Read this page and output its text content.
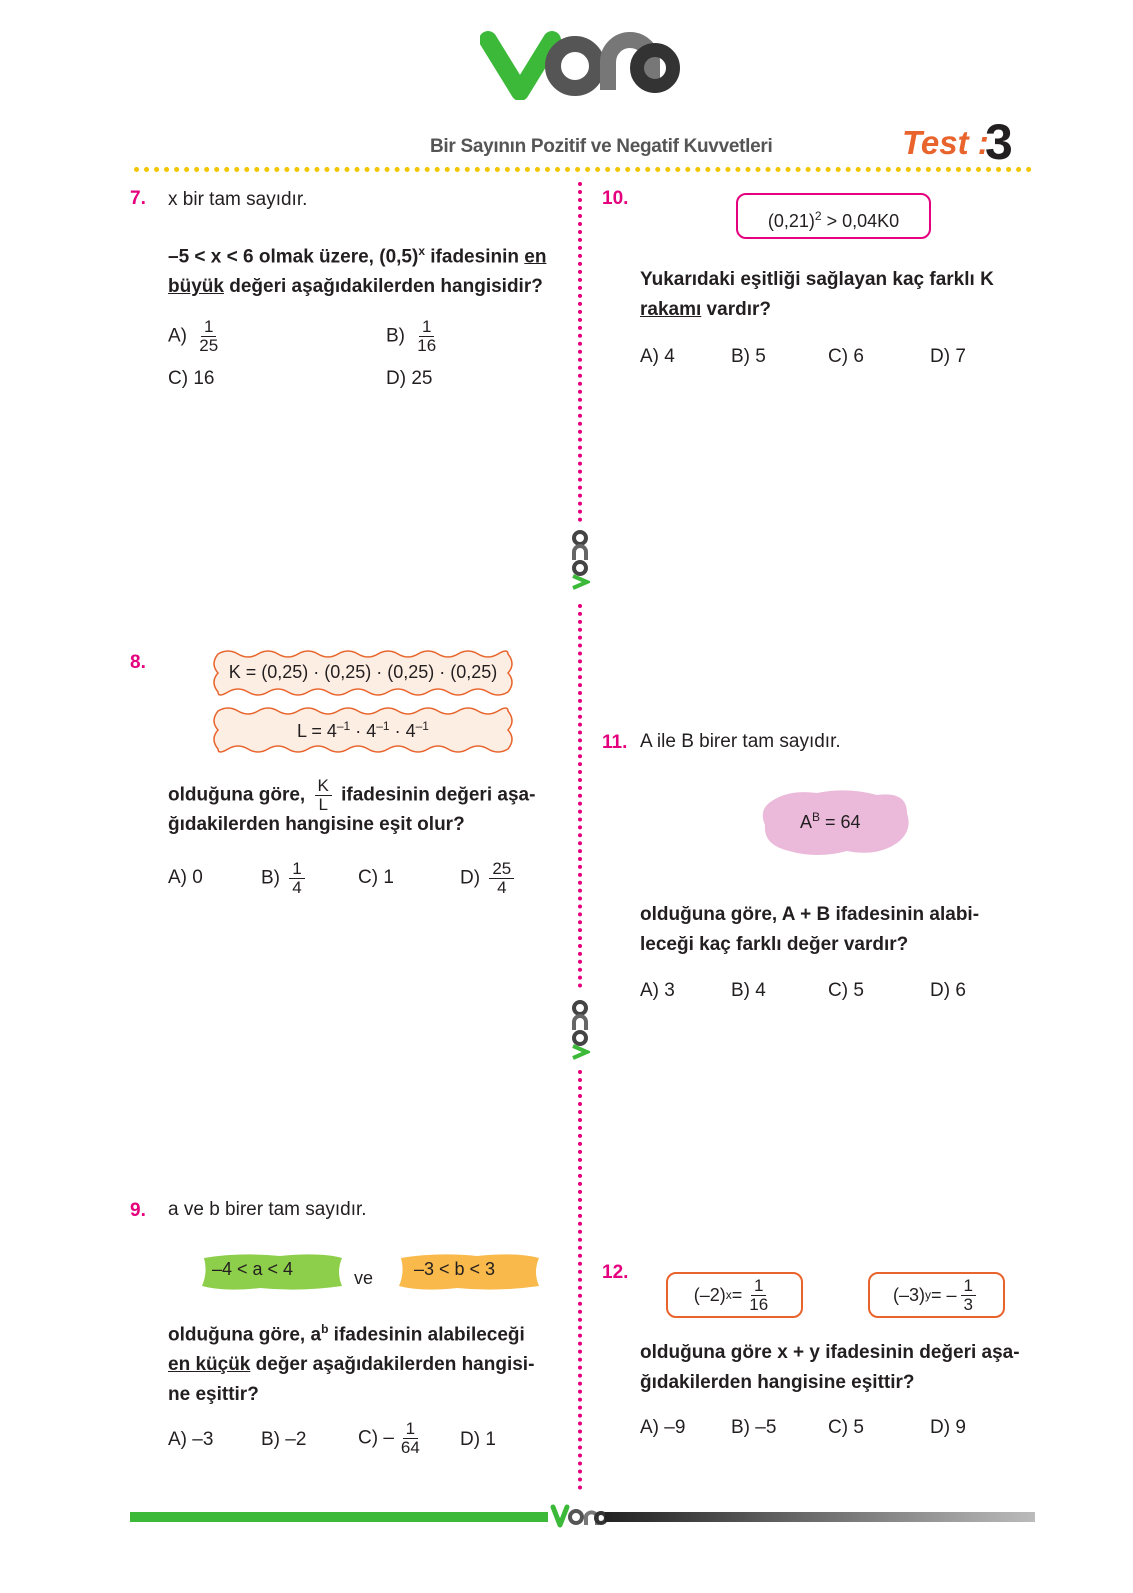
Bir Sayının Pozitif ve Negatif Kuvvetleri	Test :
3
7. x bir tam sayıdır.
–5 < x < 6 olmak üzere, $(0,5)^x$ ifadesinin en
büyük değeri aşağıdakilerden hangisidir?
$A) \frac{1}{25}$	$B) \frac{1}{16}$
C) 16	D) 25
10.
$(0,21)^2 > 0,04K0$
Yukarıdaki eşitliği sağlayan kaç farklı K
rakamı vardır?
A) 4	B) 5	C) 6	D) 7
8.	K = (0,25) · (0,25) · (0,25) · (0,25)
$L = 4^{-1} \cdot 4^{-1} \cdot 4^{-1}$
olduğuna göre, $\frac{K}{L}$ ifadesinin değeri aşa-
ğıdakilerden hangisine eşit olur?
A) 0	$B) \frac{1}{4}$	C) 1	$D) \frac{25}{4}$
11. A ile B birer tam sayıdır.
$A^B = 64$
olduğuna göre, A + B ifadesinin alabi-
leceği kaç farklı değer vardır?
A) 3	B) 4	C) 5	D) 6
9. a ve b birer tam sayıdır.
–4 < a < 4	ve –3 < b < 3
olduğuna göre, $a^b$ ifadesinin alabileceği
en küçük değer aşağıdakilerden hangisi-
ne eşittir?
A) –3	B) –2	$C) - \frac{1}{64} D$) 1
12.
(–2) $x = \frac{1}{16}$	(–3) y = – $\frac{1}{3}$
olduğuna göre x + y ifadesinin değeri aşa-
ğıdakilerden hangisine eşittir?
A) –9 B) –5	C) 5	D) 9
